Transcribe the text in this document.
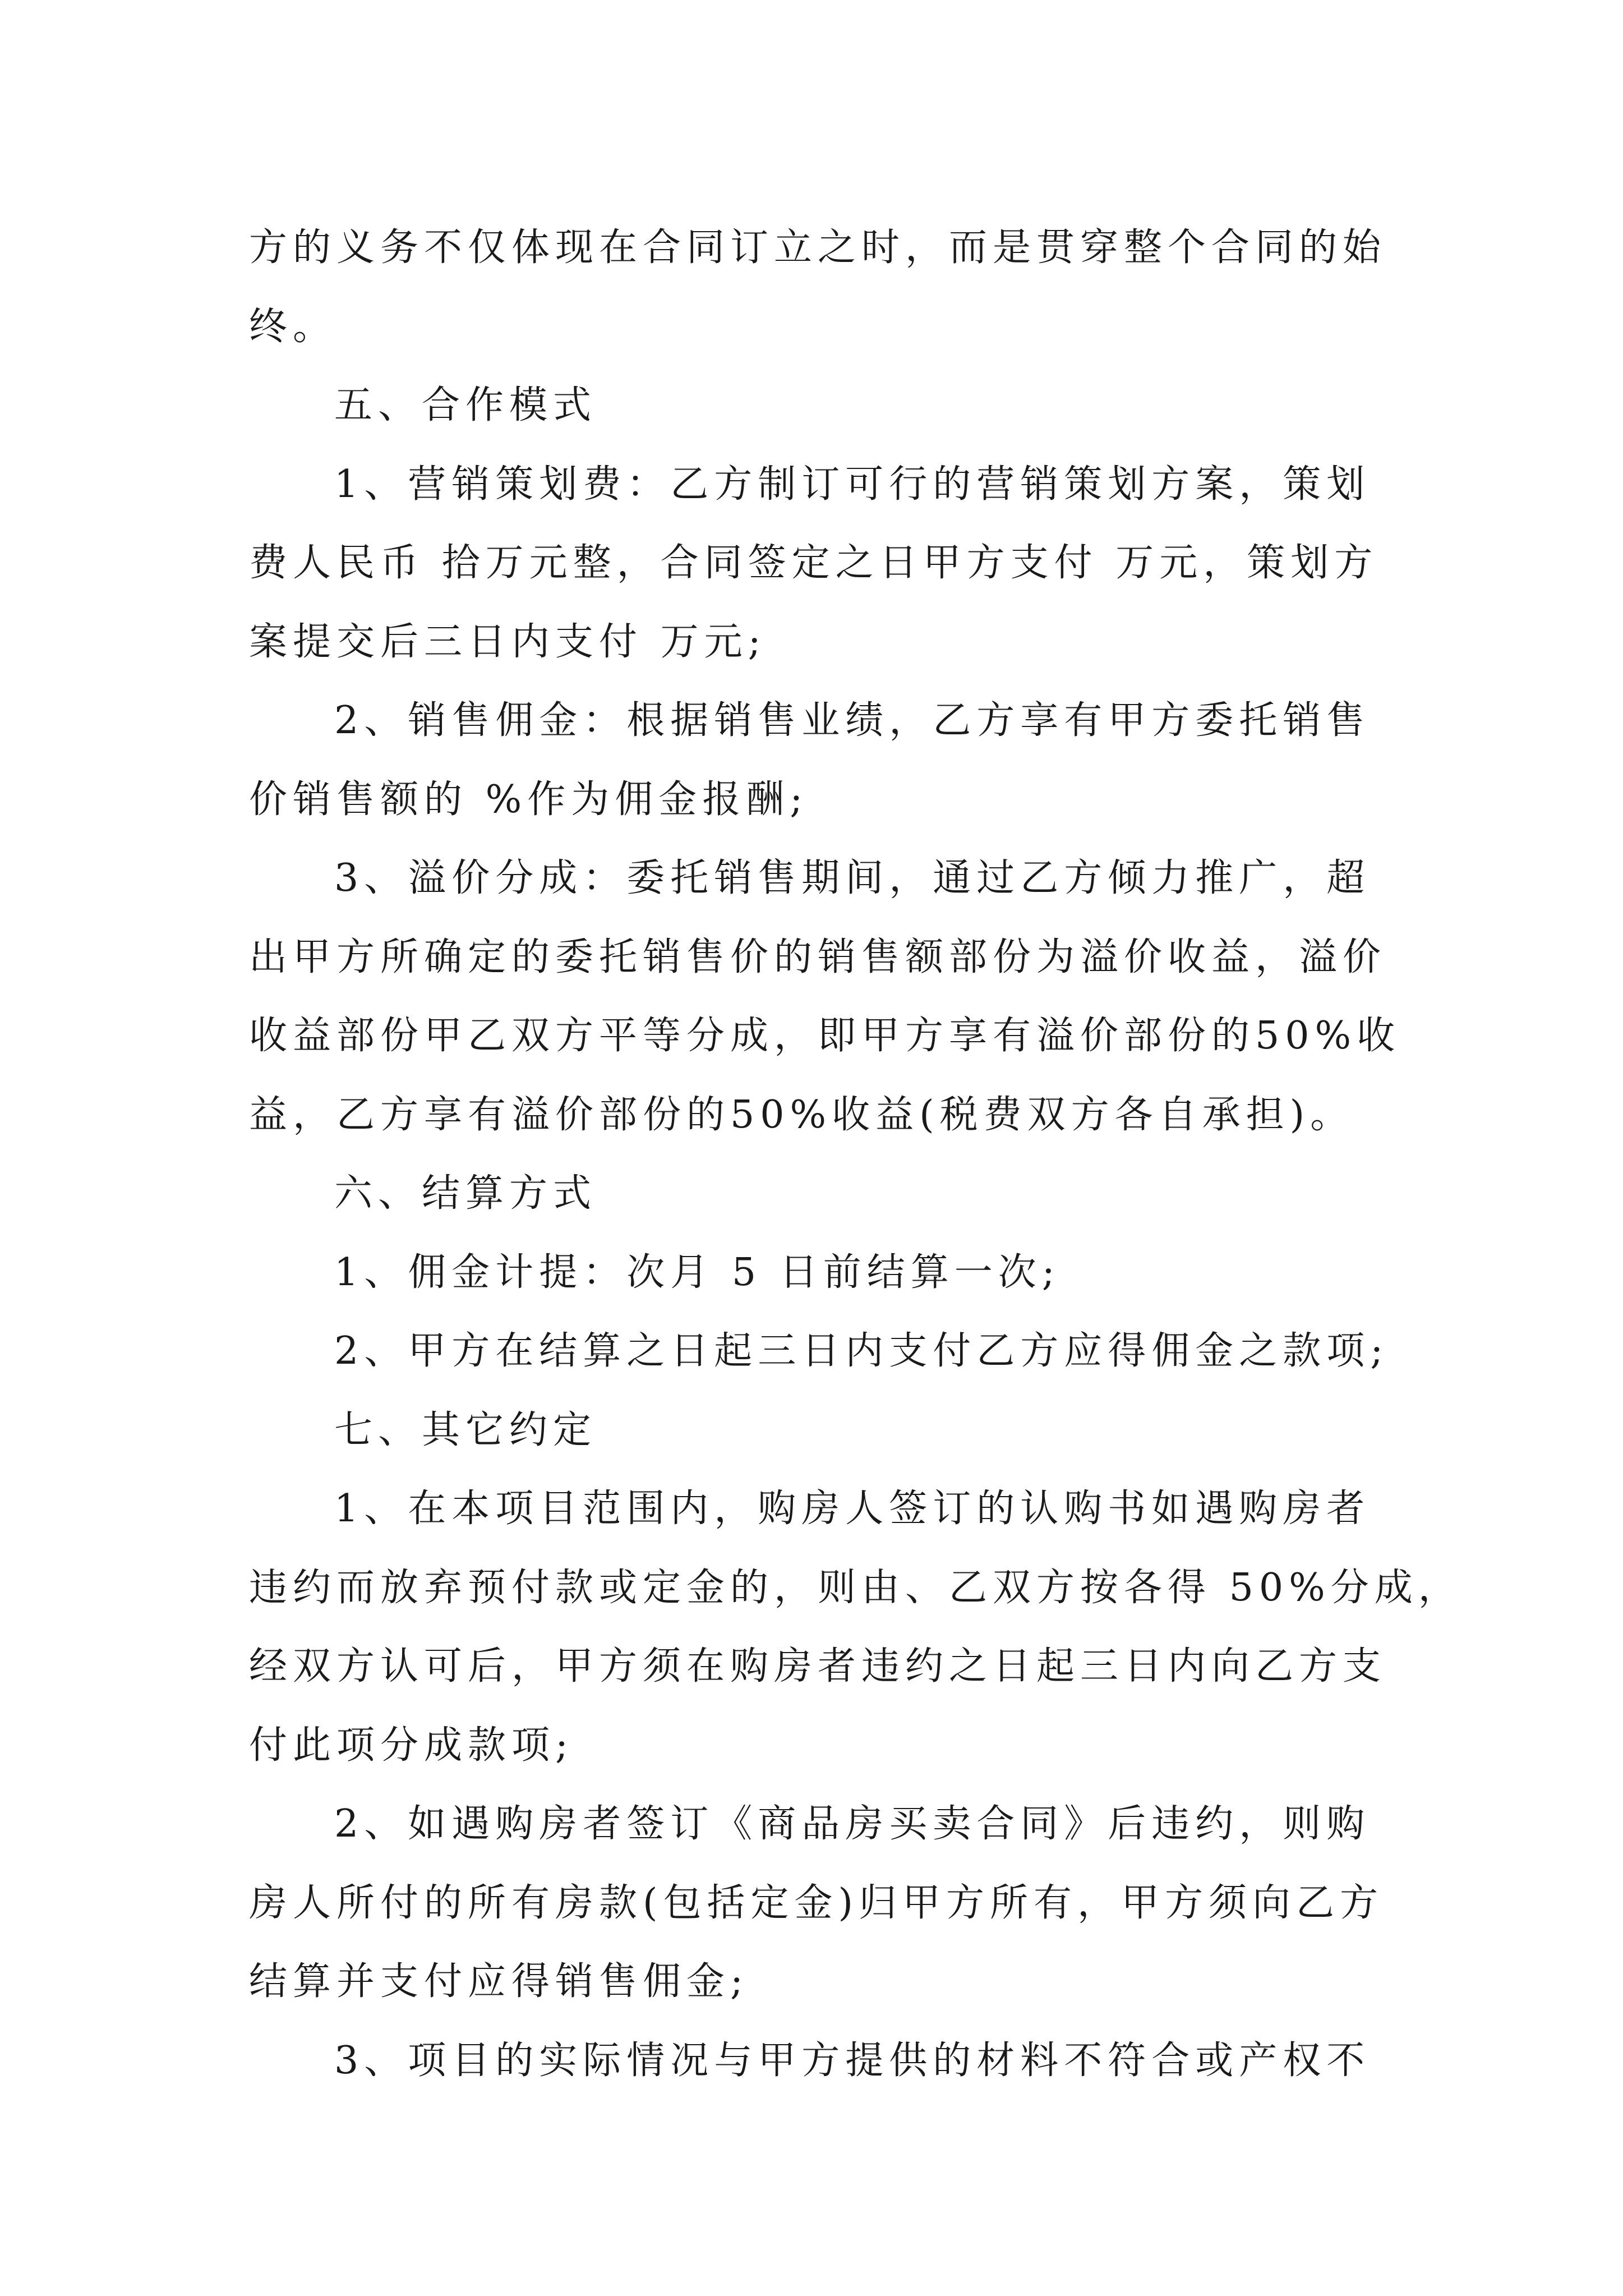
方的义务不仅体现在合同订立之时，而是贯穿整个合同的始
终。
五、合作模式
1、营销策划费：乙方制订可行的营销策划方案，策划
费人民币 拾万元整，合同签定之日甲方支付 万元，策划方
案提交后三日内支付 万元;
2、销售佣金：根据销售业绩，乙方享有甲方委托销售
价销售额的 %作为佣金报酬;
3、溢价分成：委托销售期间，通过乙方倾力推广，超
出甲方所确定的委托销售价的销售额部份为溢价收益，溢价
收益部份甲乙双方平等分成，即甲方享有溢价部份的50%收
益，乙方享有溢价部份的50%收益(税费双方各自承担)。
六、结算方式
1、佣金计提：次月 5 日前结算一次;
2、甲方在结算之日起三日内支付乙方应得佣金之款项;
七、其它约定
1、在本项目范围内，购房人签订的认购书如遇购房者
违约而放弃预付款或定金的，则由、乙双方按各得 50%分成，
经双方认可后，甲方须在购房者违约之日起三日内向乙方支
付此项分成款项;
2、如遇购房者签订《商品房买卖合同》后违约，则购
房人所付的所有房款(包括定金)归甲方所有，甲方须向乙方
结算并支付应得销售佣金;
3、项目的实际情况与甲方提供的材料不符合或产权不
